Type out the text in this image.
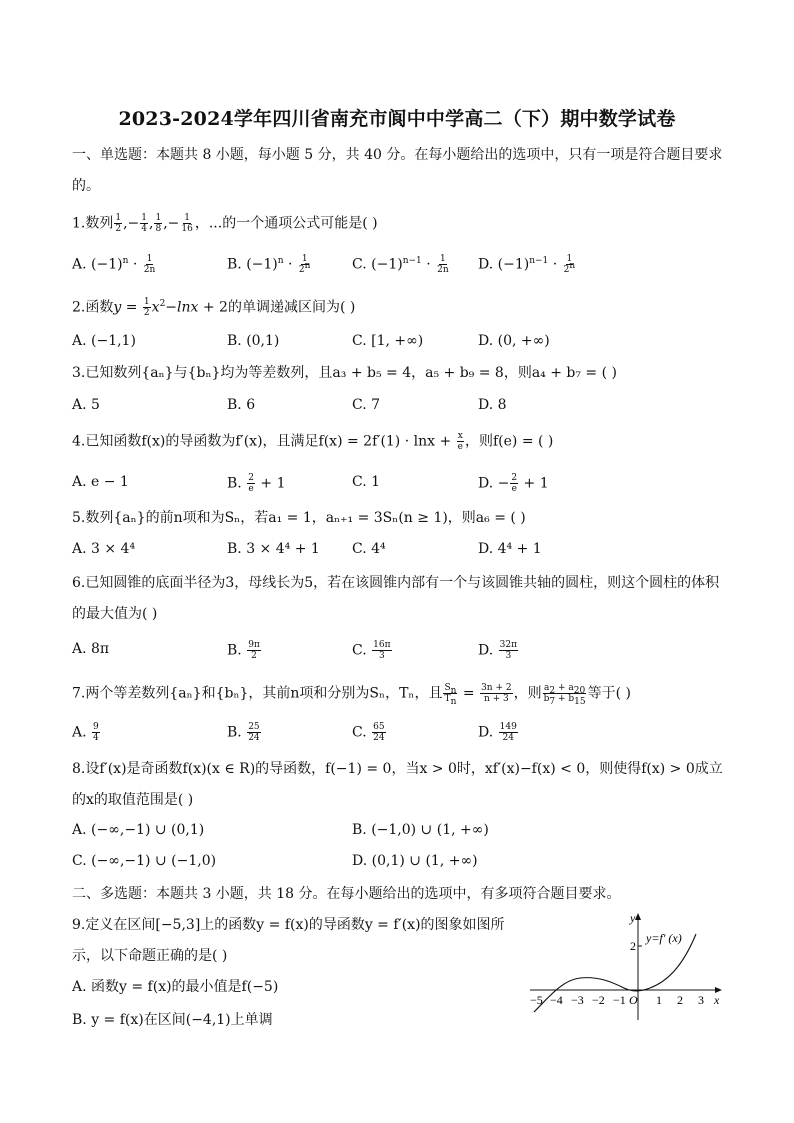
2023-2024学年四川省南充市阆中中学高二（下）期中数学试卷
一、单选题：本题共 8 小题，每小题 5 分，共 40 分。在每小题给出的选项中，只有一项是符合题目要求
的。
1.数列 $\frac{1}{2}$ ,− $\frac{1}{4}$ , $\frac{1}{8}$ ,− $\frac{1}{16}$ ，...的一个通项公式可能是( )
A. $(-1)^n \cdot \frac{1}{2n}$	B. $(-1)^n \cdot \frac{1}{2^n}$	C. $(-1)^{n-1} \cdot \frac{1}{2n} D$. $(-1)^{n-1} \cdot \frac{1}{2^n}$
2.函数$y = \frac{1}{2} x^2-\ln x + 2$的单调递减区间为( )
A. (−1,1)	B. (0,1)	C. [1, +∞)	D. (0, +∞)
3.已知数列{aₙ}与{bₙ}均为等差数列，且a₃ + b₅ = 4，a₅ + b₉ = 8，则a₄ + b₇ = ( )
A. 5	B. 6	C. 7	D. 8
4.已知函数f(x)的导函数为f′(x)，且满足$f(x) = 2f'(1) \cdot \ln x + \frac{x}{e}$ ，则f(e) = ( )
A. e − 1	B. $\frac{2}{e} + 1$	C. 1	D. − $\frac{2}{e} + 1$
5.数列{aₙ}的前n项和为Sₙ，若a₁ = 1，aₙ₊₁ = 3Sₙ(n ≥ 1)，则a₆ = ( )
A. 3 × 4⁴	B. 3 × 4⁴ + 1 C. 4⁴	D. 4⁴ + 1
6.已知圆锥的底面半径为3，母线长为5，若在该圆锥内部有一个与该圆锥共轴的圆柱，则这个圆柱的体积
的最大值为( )
A. 8π	B. $\frac{9\pi}{2}$	C. $\frac{16\pi}{3}$	D. $\frac{32\pi}{3}$
7.两个等差数列{aₙ}和{bₙ}，其前n项和分别为Sₙ，Tₙ，且 $\frac{S_n}{T_n} = \frac{3n + 2}{n + 3}$ ，则 $\frac{a_2 + a_{20}}{b_7 + b_{15}}$ 等于( )
A. $\frac{9}{4}$	B. $\frac{25}{24}$	C. $\frac{65}{24}$	D. $\frac{149}{24}$
8.设f′(x)是奇函数f(x)(x ∈ R)的导函数，f(−1) = 0，当x > 0时，xf′(x)−f(x) < 0，则使得f(x) > 0成立
的x的取值范围是( )
A. (−∞,−1) ∪ (0,1)	B. (−1,0) ∪ (1, +∞)
C. (−∞,−1) ∪ (−1,0)	D. (0,1) ∪ (1, +∞)
二、多选题：本题共 3 小题，共 18 分。在每小题给出的选项中，有多项符合题目要求。
9.定义在区间[−5,3]上的函数y = f(x)的导函数y = f′(x)的图象如图所
示，以下命题正确的是( )
A. 函数y = f(x)的最小值是f(−5)
B. y = f(x)在区间(−4,1)上单调
y
x
y=f′ (x)
2
−5 −4 −3 −2 −1 O 1 2 3
